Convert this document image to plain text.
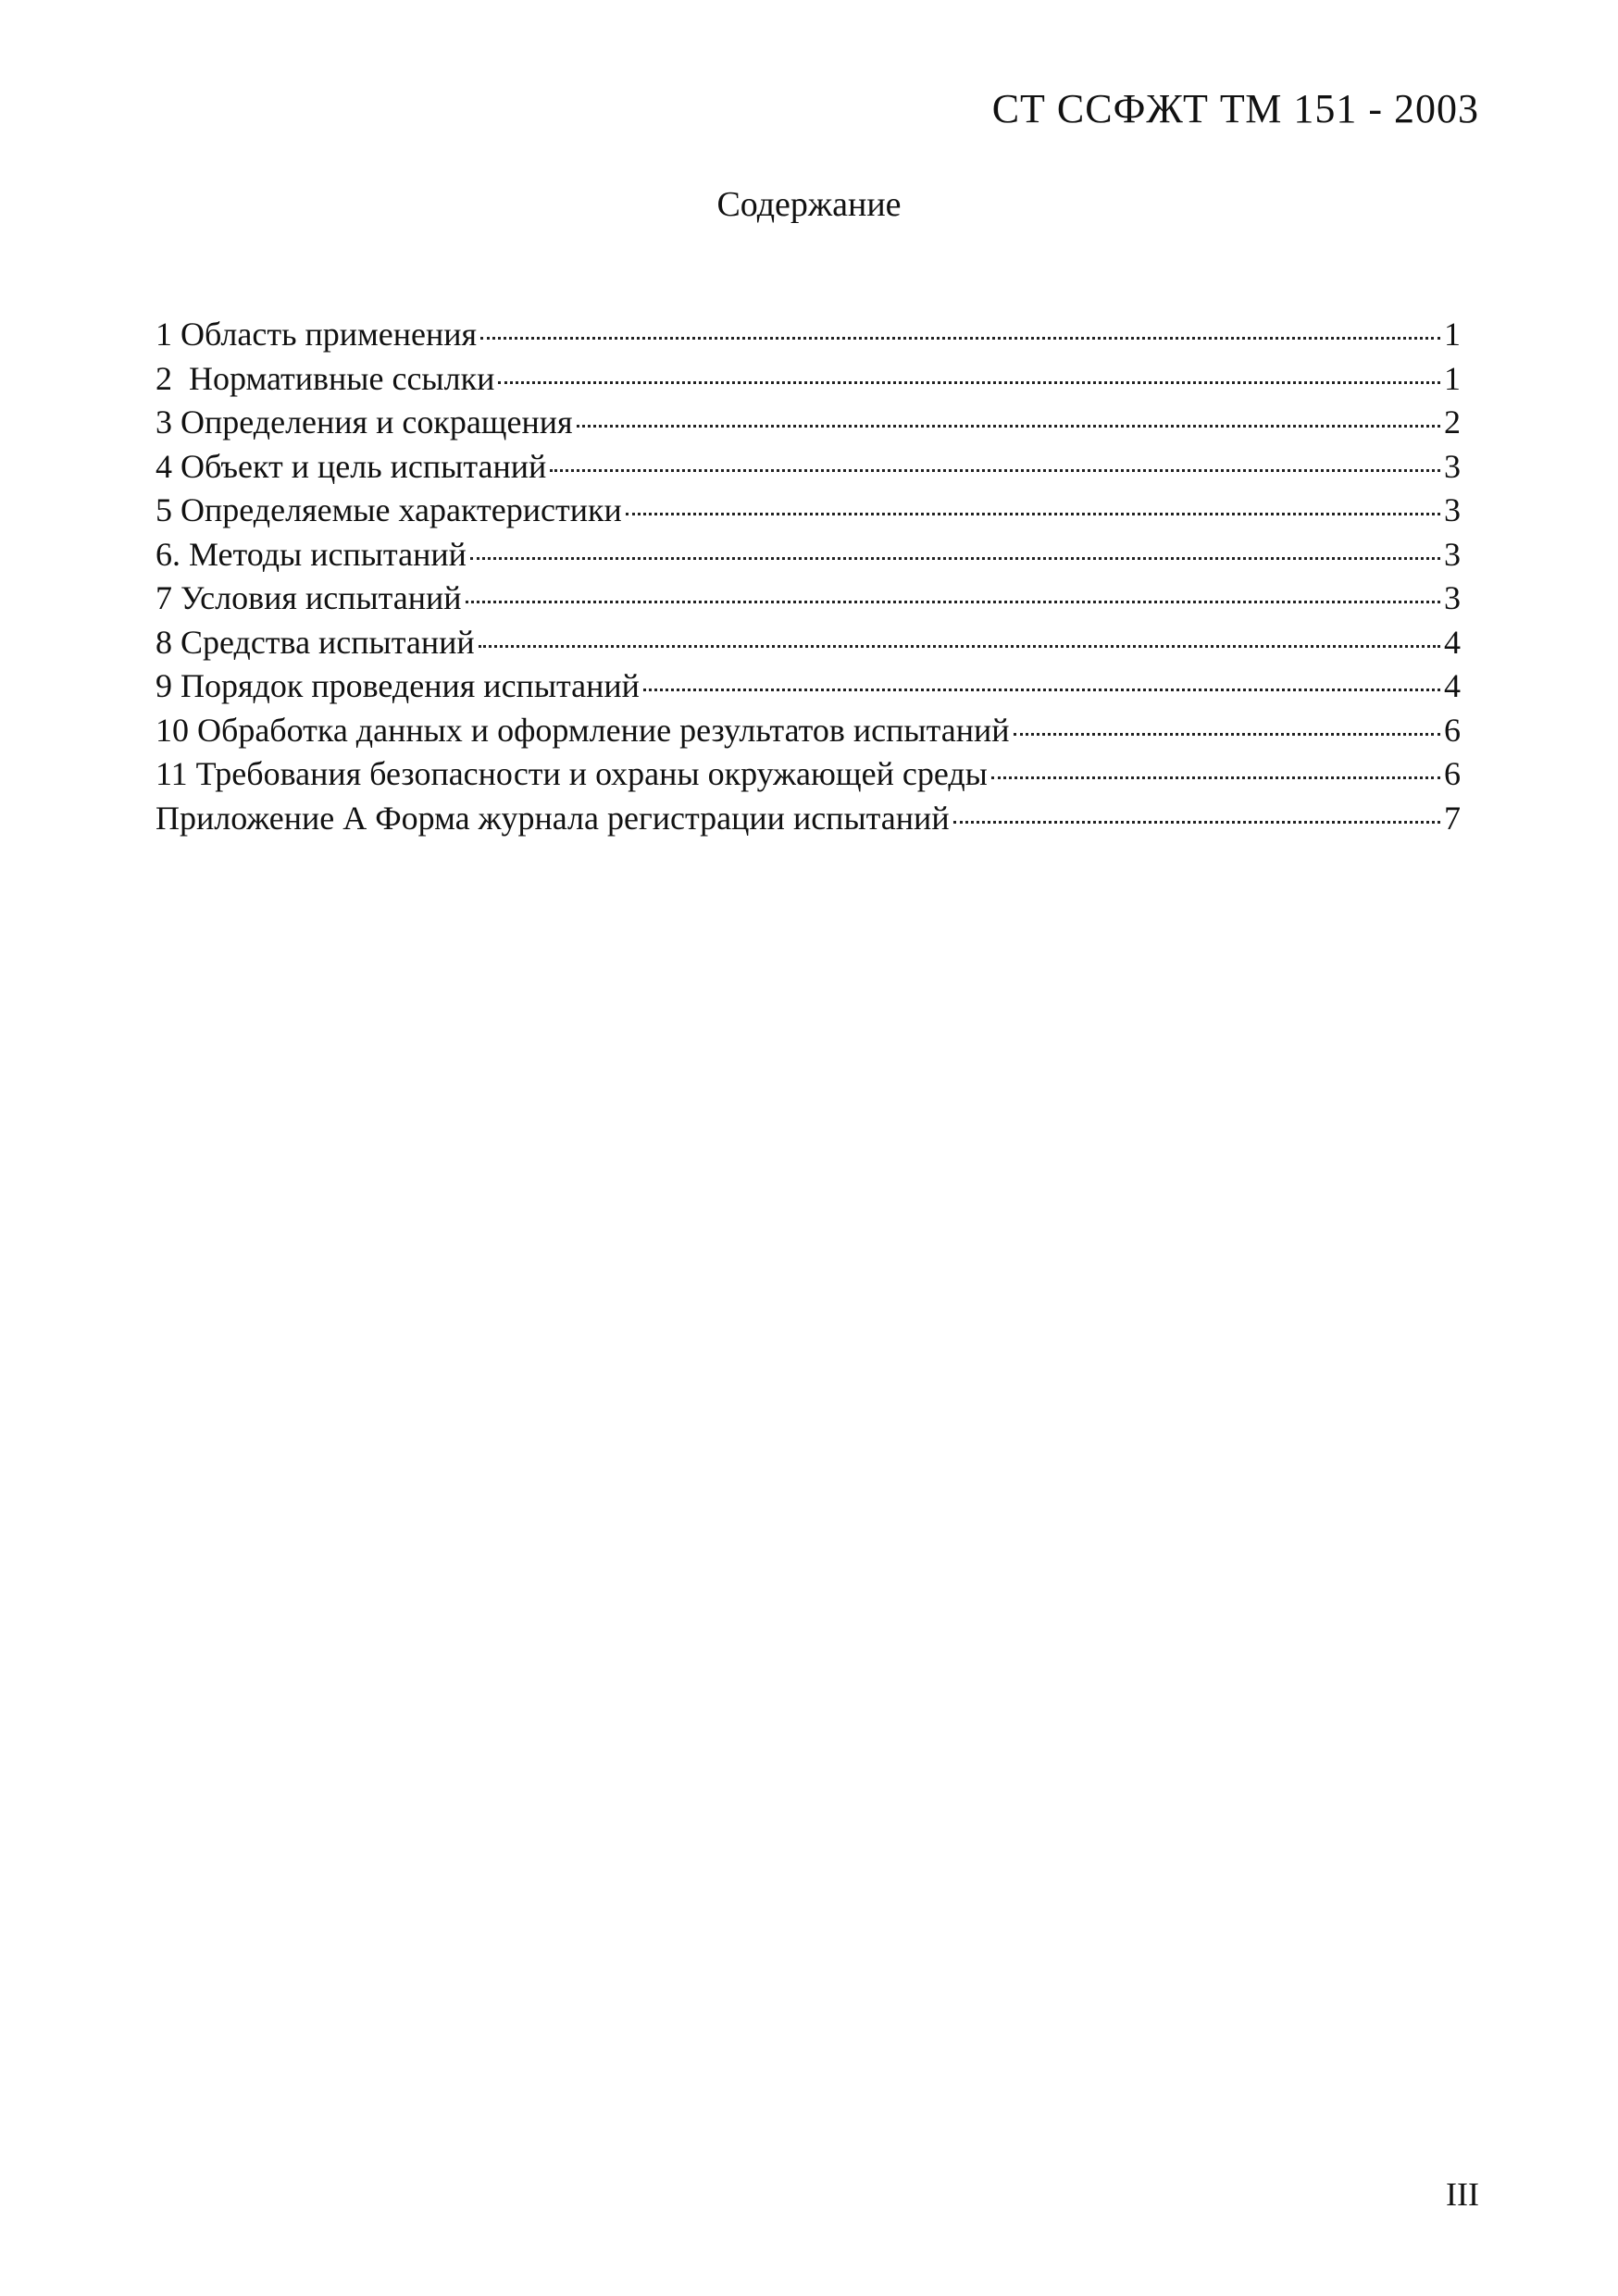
СТ ССФЖТ ТМ 151 - 2003
Содержание
1 Область применения	1
2  Нормативные ссылки	1
3 Определения и сокращения	2
4 Объект и цель испытаний	3
5 Определяемые характеристики	3
6. Методы испытаний	3
7 Условия испытаний	3
8 Средства испытаний	4
9 Порядок проведения испытаний	4
10 Обработка данных и оформление результатов испытаний	6
11 Требования безопасности и охраны окружающей среды	6
Приложение А Форма журнала регистрации испытаний	7
III
